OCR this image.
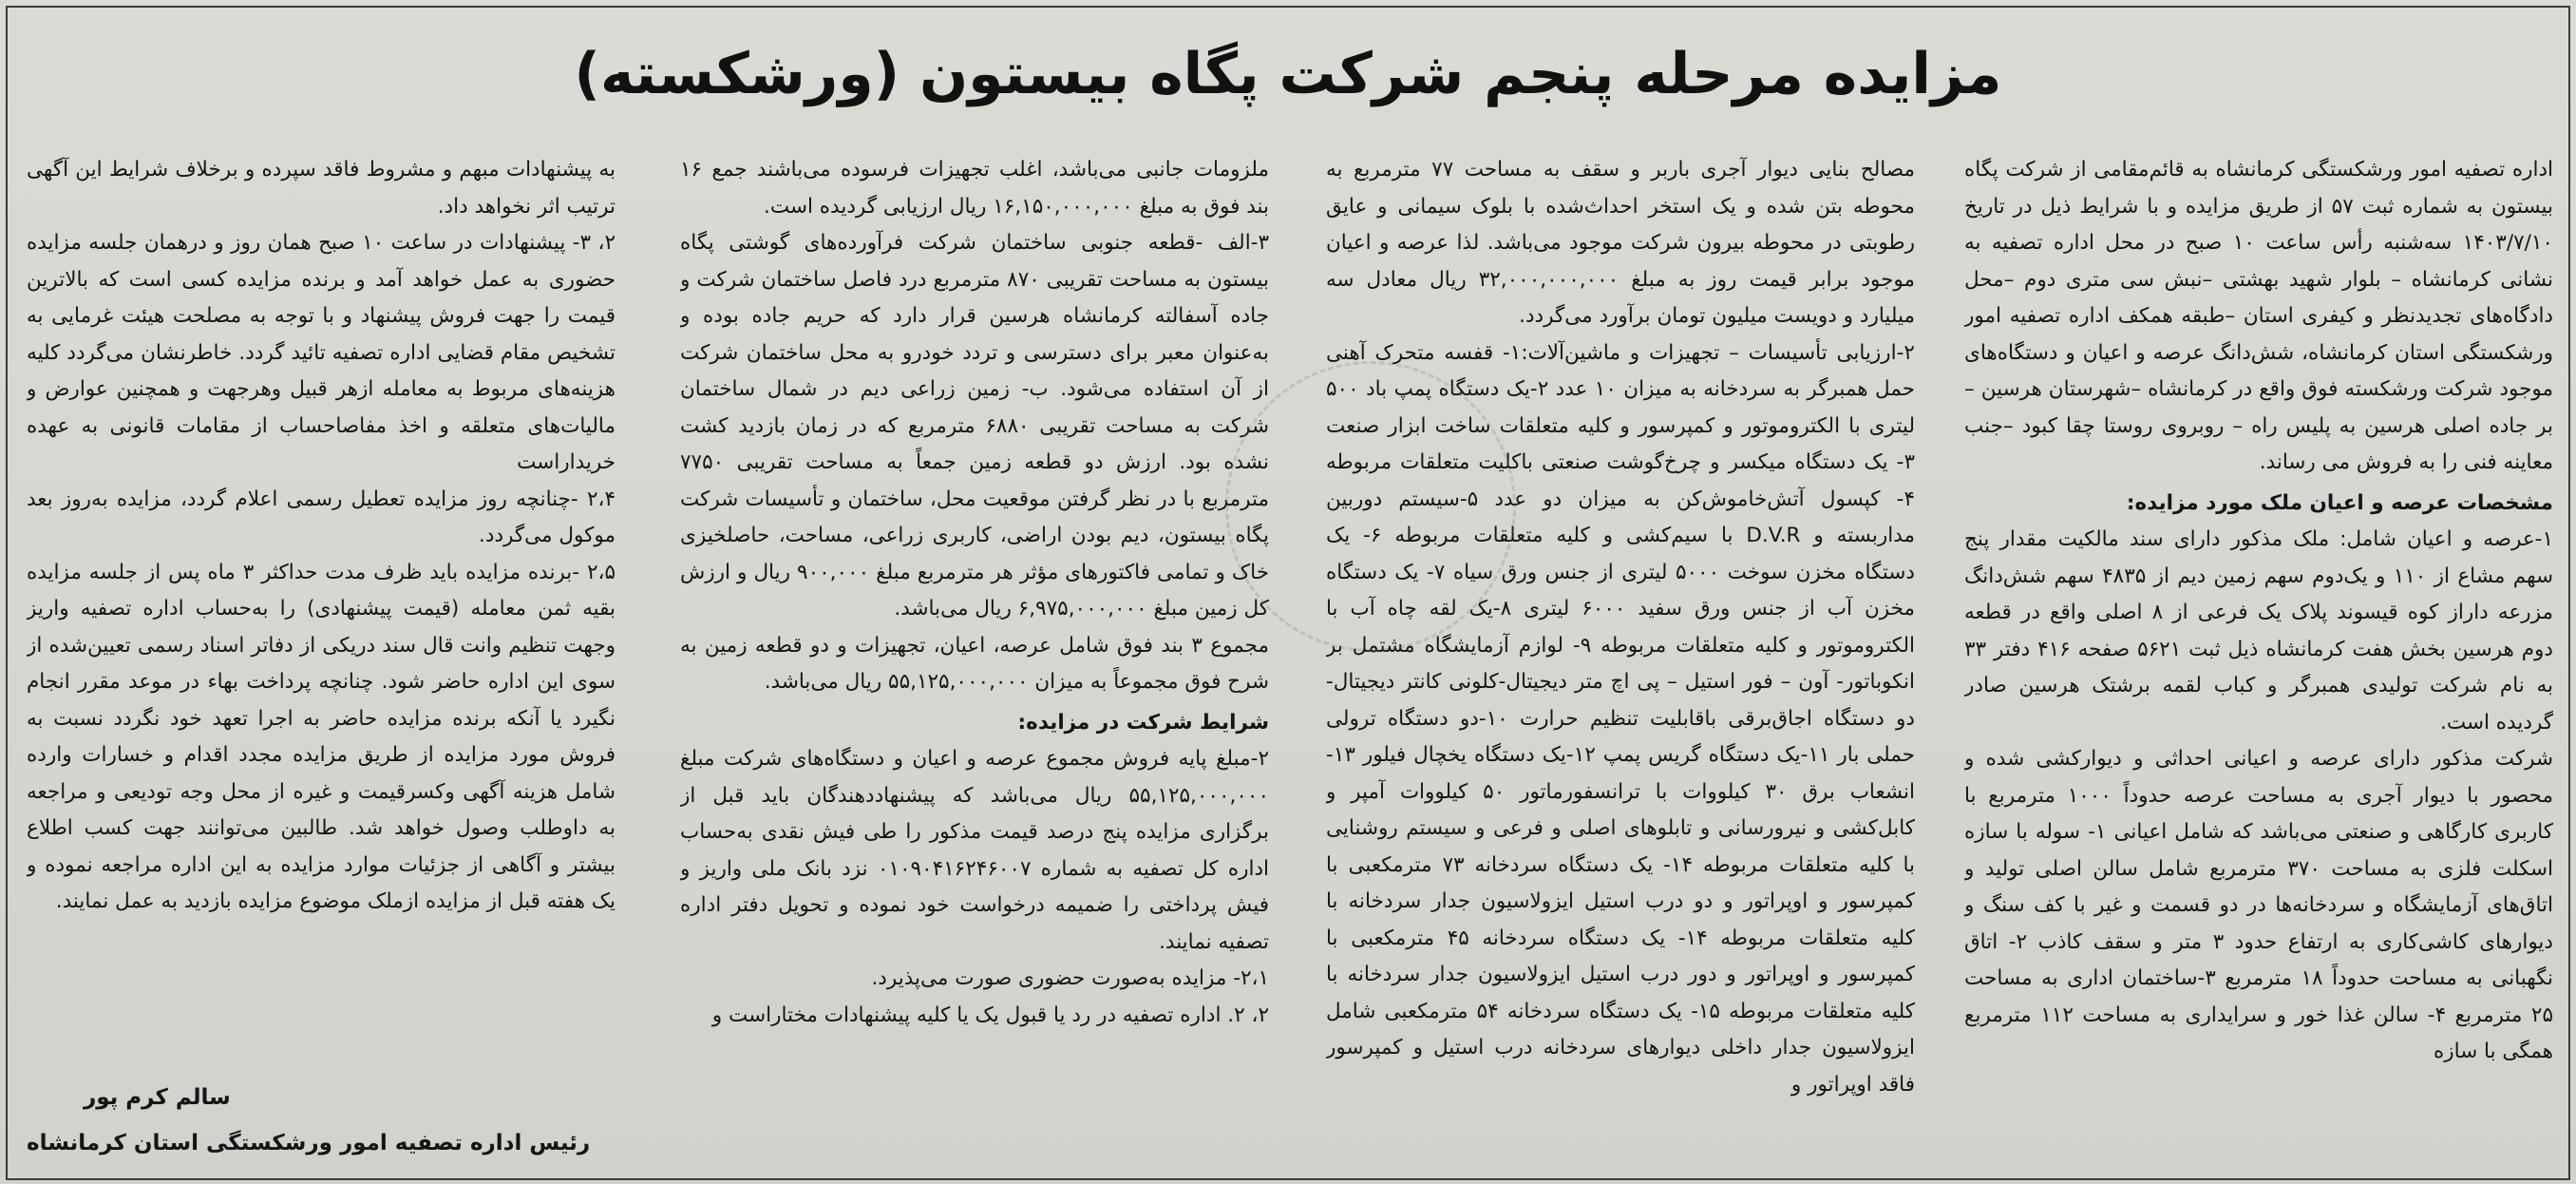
مزایده مرحله پنجم شرکت پگاه بیستون (ورشکسته)

اداره تصفیه امور ورشکستگی کرمانشاه به قائم‌مقامی از شرکت پگاه بیستون به شماره ثبت ۵۷ از طریق مزایده و با شرایط ذیل در تاریخ ۱۴۰۳/۷/۱۰ سه‌شنبه رأس ساعت ۱۰ صبح در محل اداره تصفیه به نشانی کرمانشاه – بلوار شهید بهشتی –نبش سی متری دوم –محل دادگاه‌های تجدیدنظر و کیفری استان –طبقه همکف اداره تصفیه امور ورشکستگی استان کرمانشاه، شش‌دانگ عرصه و اعیان و دستگاه‌های موجود شرکت ورشکسته فوق واقع در کرمانشاه –شهرستان هرسین – بر جاده اصلی هرسین به پلیس راه – روبروی روستا چقا کبود –جنب معاینه فنی را به فروش می رساند.

مشخصات عرصه و اعیان ملک مورد مزایده:

۱-عرصه و اعیان شامل: ملک مذکور دارای سند مالکیت مقدار پنج سهم مشاع از ۱۱۰ و یک‌دوم سهم زمین دیم از ۴۸۳۵ سهم شش‌دانگ مزرعه داراز کوه قیسوند پلاک یک فرعی از ۸ اصلی واقع در قطعه دوم هرسین بخش هفت کرمانشاه ذیل ثبت ۵۶۲۱ صفحه ۴۱۶ دفتر ۳۳ به نام شرکت تولیدی همبرگر و کباب لقمه برشتک هرسین صادر گردیده است.

شرکت مذکور دارای عرصه و اعیانی احداثی و دیوارکشی شده و محصور با دیوار آجری به مساحت عرصه حدوداً ۱۰۰۰ مترمربع با کاربری کارگاهی و صنعتی می‌باشد که شامل اعیانی ۱- سوله با سازه اسکلت فلزی به مساحت ۳۷۰ مترمربع شامل سالن اصلی تولید و اتاق‌های آزمایشگاه و سردخانه‌ها در دو قسمت و غیر با کف سنگ و دیوارهای کاشی‌کاری به ارتفاع حدود ۳ متر و سقف کاذب ۲- اتاق نگهبانی به مساحت حدوداً ۱۸ مترمربع ۳-ساختمان اداری به مساحت ۲۵ مترمربع ۴- سالن غذا خور و سرایداری به مساحت ۱۱۲ مترمربع همگی با سازه

مصالح بنایی دیوار آجری باربر و سقف به مساحت ۷۷ مترمربع به محوطه بتن شده و یک استخر احداث‌شده با بلوک سیمانی و عایق رطوبتی در محوطه بیرون شرکت موجود می‌باشد. لذا عرصه و اعیان موجود برابر قیمت روز به مبلغ ۳۲,۰۰۰,۰۰۰,۰۰۰ ریال معادل سه میلیارد و دویست میلیون تومان برآورد می‌گردد.

۲-ارزیابی تأسیسات – تجهیزات و ماشین‌آلات:۱- قفسه متحرک آهنی حمل همبرگر به سردخانه به میزان ۱۰ عدد ۲-یک دستگاه پمپ باد ۵۰۰ لیتری با الکتروموتور و کمپرسور و کلیه متعلقات ساخت ابزار صنعت ۳- یک دستگاه میکسر و چرخ‌گوشت صنعتی باکلیت متعلقات مربوطه ۴- کپسول آتش‌خاموش‌کن به میزان دو عدد ۵-سیستم دوربین مداربسته و D.V.R با سیم‌کشی و کلیه متعلقات مربوطه ۶- یک دستگاه مخزن سوخت ۵۰۰۰ لیتری از جنس ورق سیاه ۷- یک دستگاه مخزن آب از جنس ورق سفید ۶۰۰۰ لیتری ۸-یک لقه چاه آب با الکتروموتور و کلیه متعلقات مربوطه ۹- لوازم آزمایشگاه مشتمل بر انکوباتور- آون – فور استیل – پی اچ متر دیجیتال-کلونی کانتر دیجیتال- دو دستگاه اجاق‌برقی باقابلیت تنظیم حرارت ۱۰-دو دستگاه ترولی حملی بار ۱۱-یک دستگاه گریس پمپ ۱۲-یک دستگاه یخچال فیلور ۱۳- انشعاب برق ۳۰ کیلووات با ترانسفورماتور ۵۰ کیلووات آمپر و کابل‌کشی و نیرورسانی و تابلوهای اصلی و فرعی و سیستم روشنایی با کلیه متعلقات مربوطه ۱۴- یک دستگاه سردخانه ۷۳ مترمکعبی با کمپرسور و اوپراتور و دو درب استیل ایزولاسیون جدار سردخانه با کلیه متعلقات مربوطه ۱۴- یک دستگاه سردخانه ۴۵ مترمکعبی با کمپرسور و اوپراتور و دور درب استیل ایزولاسیون جدار سردخانه با کلیه متعلقات مربوطه ۱۵- یک دستگاه سردخانه ۵۴ مترمکعبی شامل ایزولاسیون جدار داخلی دیوارهای سردخانه درب استیل و کمپرسور فاقد اوپراتور و

ملزومات جانبی می‌باشد، اغلب تجهیزات فرسوده می‌باشند جمع ۱۶ بند فوق به مبلغ ۱۶,۱۵۰,۰۰۰,۰۰۰ ریال ارزیابی گردیده است.

۳-الف -قطعه جنوبی ساختمان شرکت فرآورده‌های گوشتی پگاه بیستون به مساحت تقریبی ۸۷۰ مترمربع درد فاصل ساختمان شرکت و جاده آسفالته کرمانشاه هرسین قرار دارد که حریم جاده بوده و به‌عنوان معبر برای دسترسی و تردد خودرو به محل ساختمان شرکت از آن استفاده می‌شود. ب- زمین زراعی دیم در شمال ساختمان شرکت به مساحت تقریبی ۶۸۸۰ مترمربع که در زمان بازدید کشت نشده بود. ارزش دو قطعه زمین جمعاً به مساحت تقریبی ۷۷۵۰ مترمربع با در نظر گرفتن موقعیت محل، ساختمان و تأسیسات شرکت پگاه بیستون، دیم بودن اراضی، کاربری زراعی، مساحت، حاصلخیزی خاک و تمامی فاکتورهای مؤثر هر مترمربع مبلغ ۹۰۰,۰۰۰ ریال و ارزش کل زمین مبلغ ۶,۹۷۵,۰۰۰,۰۰۰ ریال می‌باشد.

مجموع ۳ بند فوق شامل عرصه، اعیان، تجهیزات و دو قطعه زمین به شرح فوق مجموعاً به میزان ۵۵,۱۲۵,۰۰۰,۰۰۰ ریال می‌باشد.

شرایط شرکت در مزایده:

۲-مبلغ پایه فروش مجموع عرصه و اعیان و دستگاه‌های شرکت مبلغ ۵۵,۱۲۵,۰۰۰,۰۰۰ ریال می‌باشد که پیشنهاددهندگان باید قبل از برگزاری مزایده پنج درصد قیمت مذکور را طی فیش نقدی به‌حساب اداره کل تصفیه به شماره ۰۱۰۹۰۴۱۶۲۴۶۰۰۷ نزد بانک ملی واریز و فیش پرداختی را ضمیمه درخواست خود نموده و تحویل دفتر اداره تصفیه نمایند.

۲،۱- مزایده به‌صورت حضوری صورت می‌پذیرد.

۲، ۲. اداره تصفیه در رد یا قبول یک یا کلیه پیشنهادات مختاراست و

به پیشنهادات مبهم و مشروط فاقد سپرده و برخلاف شرایط این آگهی ترتیب اثر نخواهد داد.

۲، ۳- پیشنهادات در ساعت ۱۰ صبح همان روز و درهمان جلسه مزایده حضوری به عمل خواهد آمد و برنده مزایده کسی است که بالاترین قیمت را جهت فروش پیشنهاد و با توجه به مصلحت هیئت غرمایی به تشخیص مقام قضایی اداره تصفیه تائید گردد. خاطرنشان می‌گردد کلیه هزینه‌های مربوط به معامله ازهر قبیل وهرجهت و همچنین عوارض و مالیات‌های متعلقه و اخذ مفاصاحساب از مقامات قانونی به عهده خریداراست

۲،۴ -چنانچه روز مزایده تعطیل رسمی اعلام گردد، مزایده به‌روز بعد موکول می‌گردد.

۲،۵ -برنده مزایده باید ظرف مدت حداکثر ۳ ماه پس از جلسه مزایده بقیه ثمن معامله (قیمت پیشنهادی) را به‌حساب اداره تصفیه واریز وجهت تنظیم وانت قال سند دریکی از دفاتر اسناد رسمی تعیین‌شده از سوی این اداره حاضر شود. چنانچه پرداخت بهاء در موعد مقرر انجام نگیرد یا آنکه برنده مزایده حاضر به اجرا تعهد خود نگردد نسبت به فروش مورد مزایده از طریق مزایده مجدد اقدام و خسارات وارده شامل هزینه آگهی وکسرقیمت و غیره از محل وجه تودیعی و مراجعه به داوطلب وصول خواهد شد. طالبین می‌توانند جهت کسب اطلاع بیشتر و آگاهی از جزئیات موارد مزایده به این اداره مراجعه نموده و یک هفته قبل از مزایده ازملک موضوع مزایده بازدید به عمل نمایند.

سالم کرم پور
رئیس اداره تصفیه امور ورشکستگی استان کرمانشاه
